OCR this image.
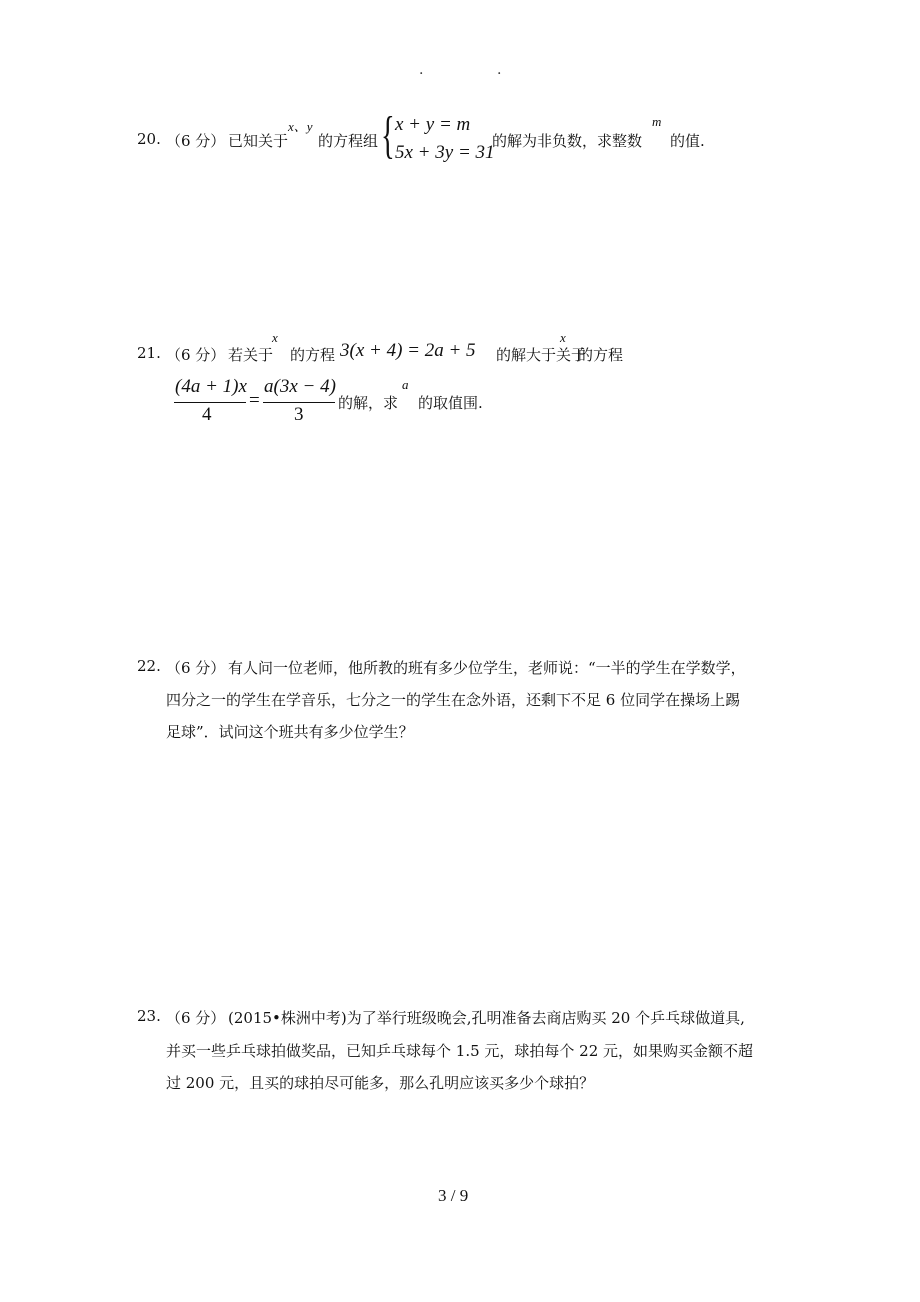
.	.
20. （6 分） 已知关于
x、y
的方程组 { x + y = m
5x + 3y = 31
的解为非负数，求整数
m
的值.
21. （6 分） 若关于
x
的方程 3(x + 4) = 2a + 5 的解大于关于
x
的方程
(4a + 1)x
4
=
a(3x − 4)
3
的解，求
a
的取值围.
22. （6 分） 有人问一位老师，他所教的班有多少位学生，老师说：“一半的学生在学数学，
四分之一的学生在学音乐，七分之一的学生在念外语，还剩下不足 6 位同学在操场上踢
足球”．试问这个班共有多少位学生？
23. （6 分） (2015•株洲中考)为了举行班级晚会,孔明准备去商店购买 20 个乒乓球做道具,
并买一些乒乓球拍做奖品，已知乒乓球每个 1.5 元，球拍每个 22 元，如果购买金额不超
过 200 元，且买的球拍尽可能多，那么孔明应该买多少个球拍？
3 / 9
